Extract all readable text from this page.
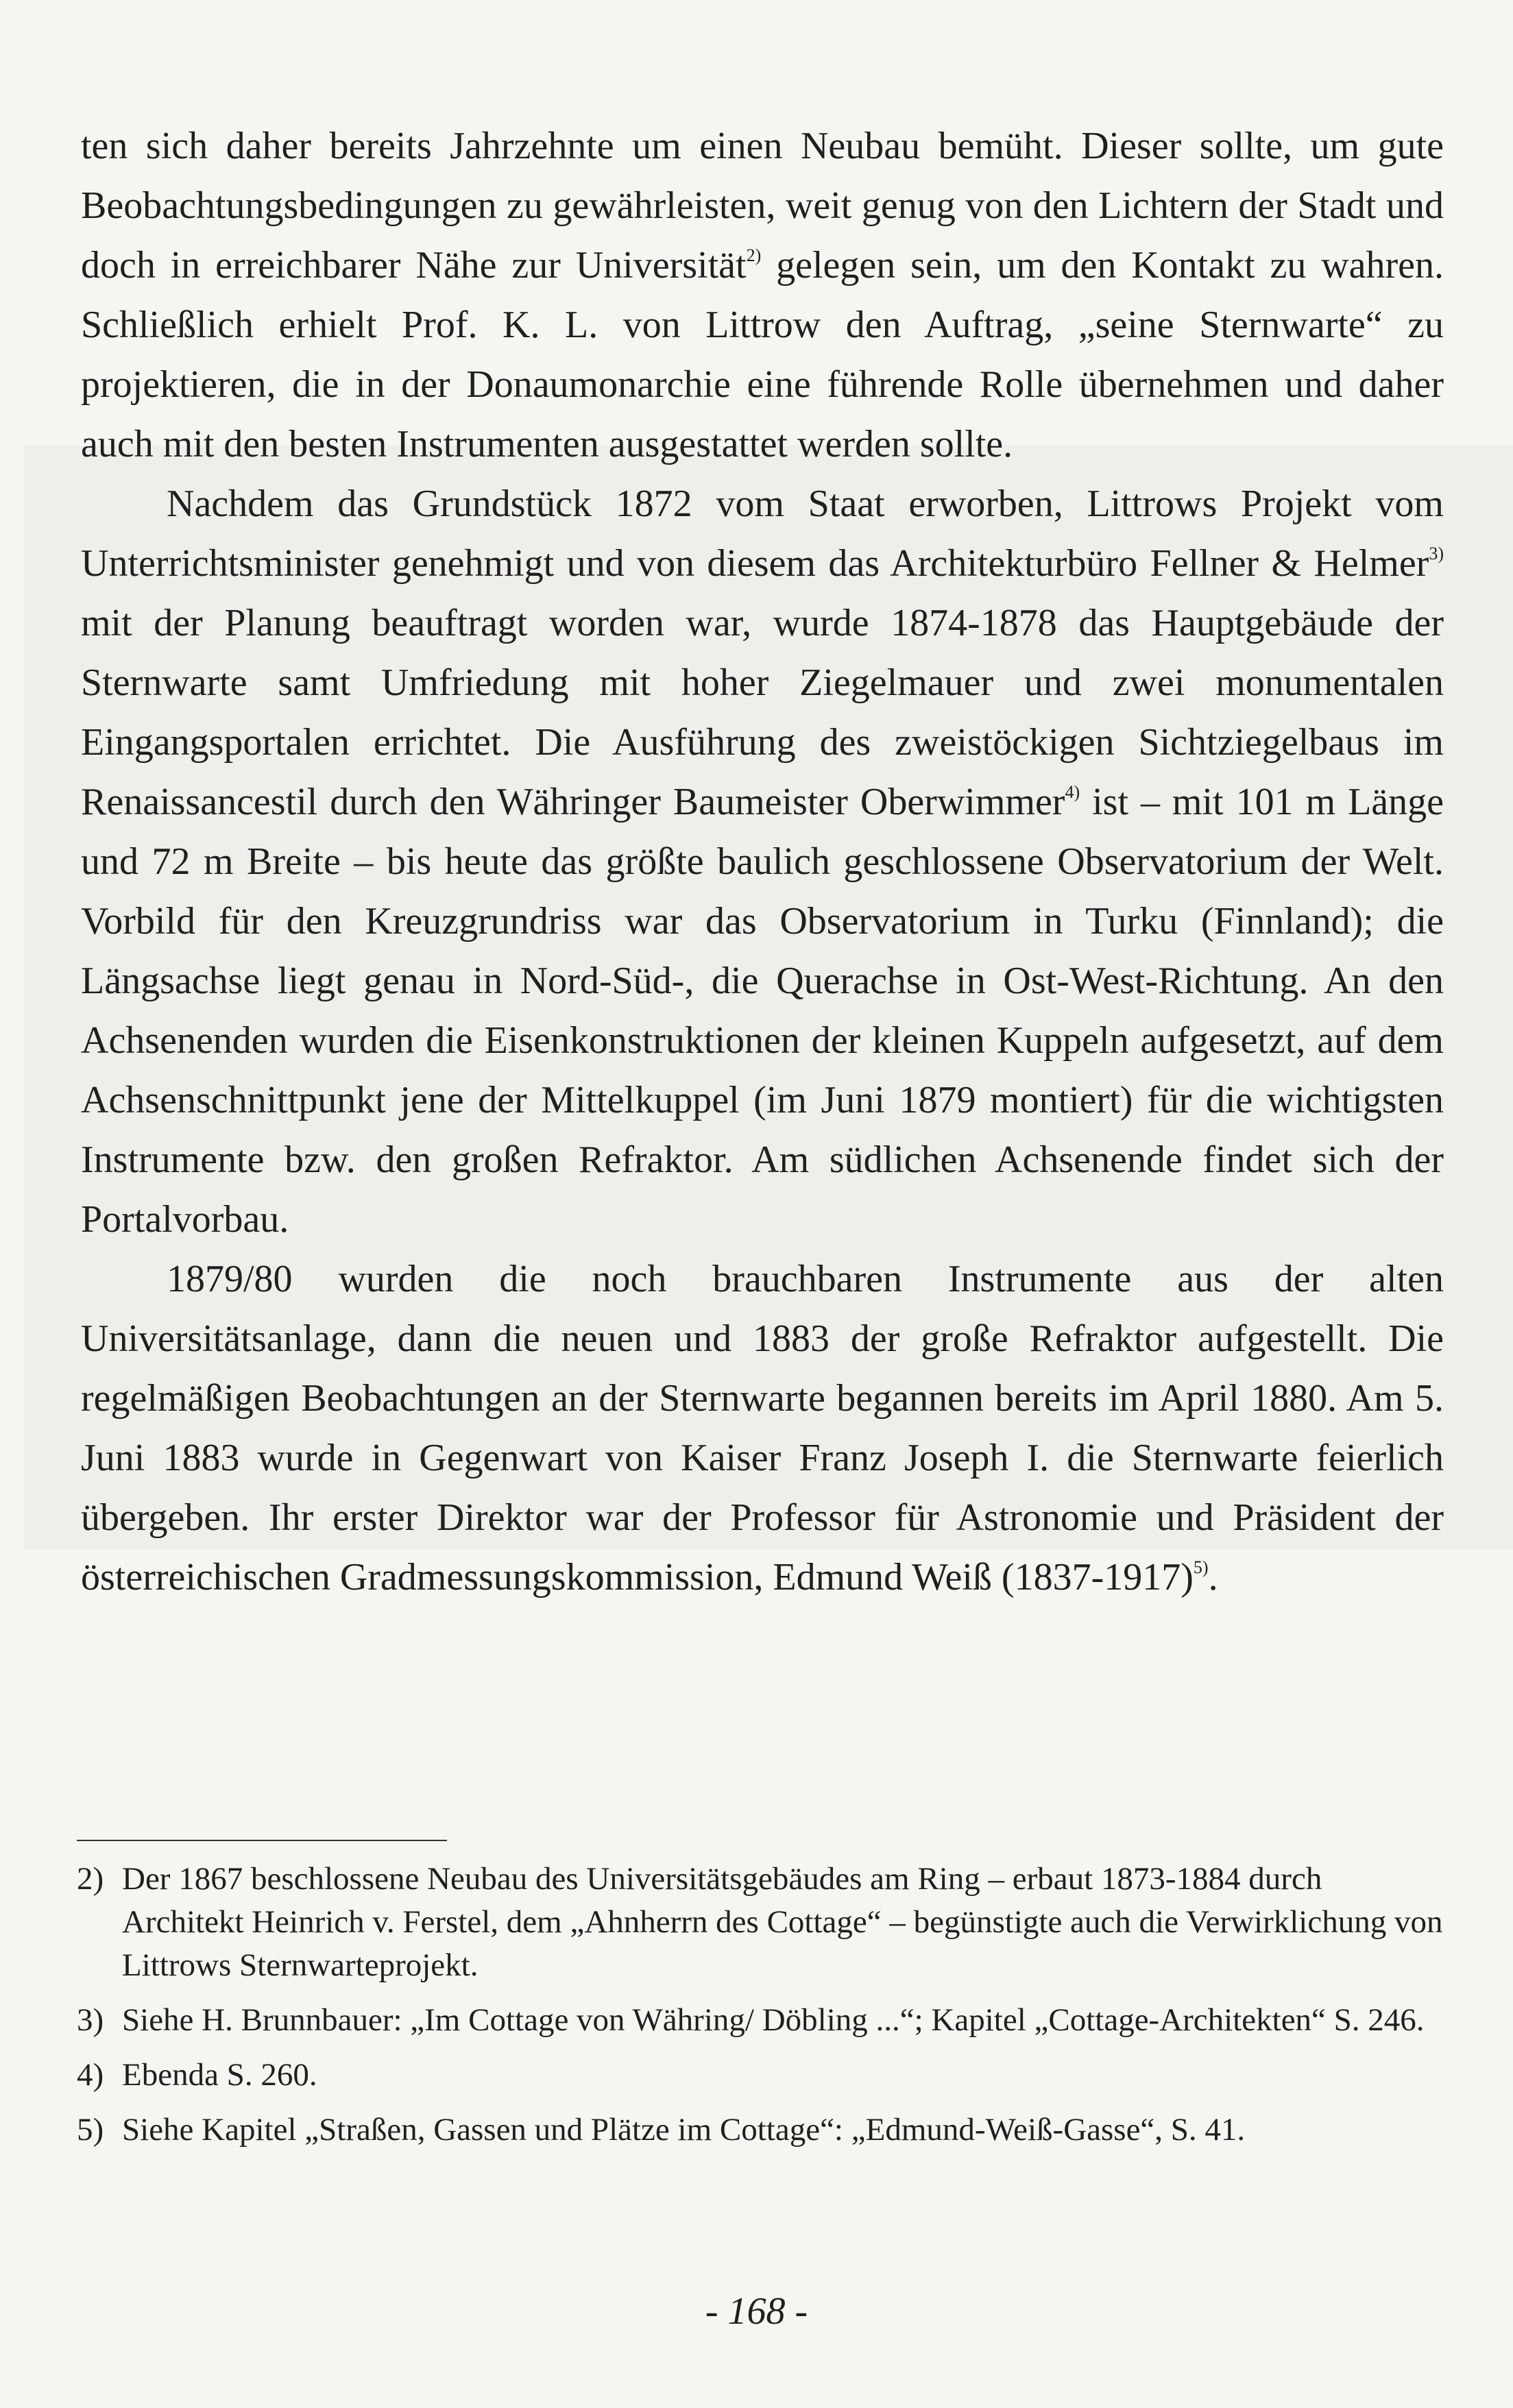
ten sich daher bereits Jahrzehnte um einen Neubau bemüht. Dieser sollte, um gute Beobachtungsbedingungen zu gewährleisten, weit genug von den Lichtern der Stadt und doch in erreichbarer Nähe zur Universität$^{2)}$ gelegen sein, um den Kontakt zu wahren. Schließlich erhielt Prof. K. L. von Littrow den Auftrag, „seine Sternwarte“ zu projektieren, die in der Donaumonarchie eine führende Rolle übernehmen und daher auch mit den besten Instrumenten ausgestattet werden sollte.

Nachdem das Grundstück 1872 vom Staat erworben, Littrows Projekt vom Unterrichtsminister genehmigt und von diesem das Architekturbüro Fellner & Helmer$^{3)}$ mit der Planung beauftragt worden war, wurde 1874-1878 das Hauptgebäude der Sternwarte samt Umfriedung mit hoher Ziegelmauer und zwei monumentalen Eingangsportalen errichtet. Die Ausführung des zweistöckigen Sichtziegelbaus im Renaissancestil durch den Währinger Baumeister Oberwimmer$^{4)}$ ist – mit 101 m Länge und 72 m Breite – bis heute das größte baulich geschlossene Observatorium der Welt. Vorbild für den Kreuzgrundriss war das Observatorium in Turku (Finnland); die Längsachse liegt genau in Nord-Süd-, die Querachse in Ost-West-Richtung. An den Achsenenden wurden die Eisenkonstruktionen der kleinen Kuppeln aufgesetzt, auf dem Achsenschnittpunkt jene der Mittelkuppel (im Juni 1879 montiert) für die wichtigsten Instrumente bzw. den großen Refraktor. Am südlichen Achsenende findet sich der Portalvorbau.

1879/80 wurden die noch brauchbaren Instrumente aus der alten Universitätsanlage, dann die neuen und 1883 der große Refraktor aufgestellt. Die regelmäßigen Beobachtungen an der Sternwarte begannen bereits im April 1880. Am 5. Juni 1883 wurde in Gegenwart von Kaiser Franz Joseph I. die Sternwarte feierlich übergeben. Ihr erster Direktor war der Professor für Astronomie und Präsident der österreichischen Gradmessungskommission, Edmund Weiß (1837-1917)$^{5)}$.

2) Der 1867 beschlossene Neubau des Universitätsgebäudes am Ring – erbaut 1873-1884 durch Architekt Heinrich v. Ferstel, dem „Ahnherrn des Cottage“ – begünstigte auch die Verwirklichung von Littrows Sternwarteprojekt.
3) Siehe H. Brunnbauer: „Im Cottage von Währing/ Döbling ...“; Kapitel „Cottage-Architekten“ S. 246.
4) Ebenda S. 260.
5) Siehe Kapitel „Straßen, Gassen und Plätze im Cottage“: „Edmund-Weiß-Gasse“, S. 41.
- 168 -
